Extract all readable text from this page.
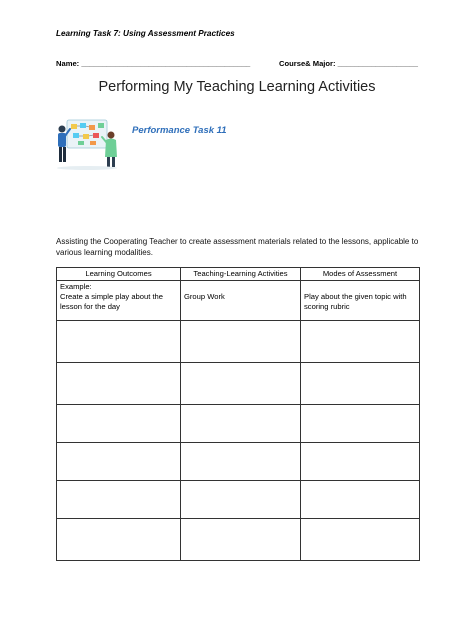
Learning Task 7: Using Assessment Practices
Name: ________________________________________	Course& Major: ___________________
Performing My Teaching Learning Activities
Performance Task 11
Assisting the Cooperating Teacher to create assessment materials related to the lessons, applicable to various learning modalities.
Learning Outcomes	Teaching-Learning Activities	Modes of Assessment

Example:
Create a simple play about the lesson for the day	Group Work	Play about the given topic with scoring rubric
